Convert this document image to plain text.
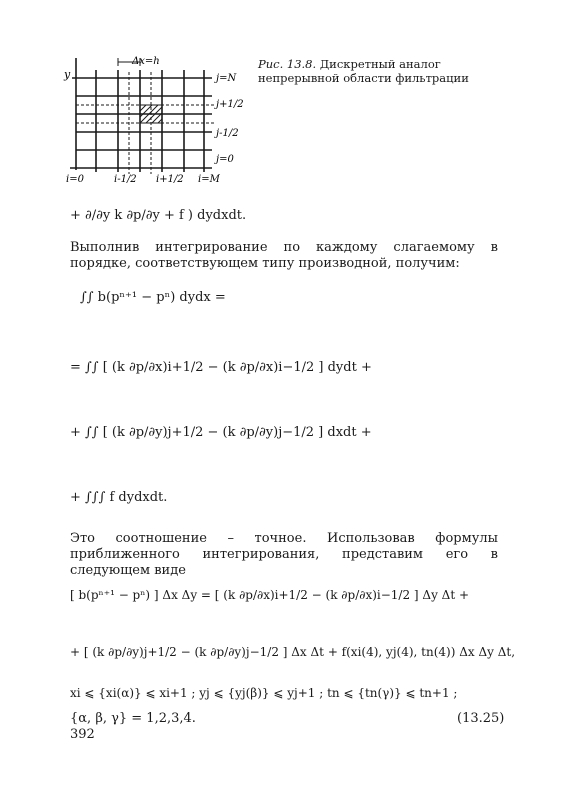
Δx=h
y	j=N
j+1/2
j-1/2
j=0
i=0	i-1/2 i+1/2 i=M
Рис. 13.8. Дискретный аналог непрерывной области фильтрации
+ ∂/∂y k ∂p/∂y + f ) dydxdt.
Выполнив интегрирование по каждому слагаемому в порядке, соответствующем типу производной, получим:
∫∫ b(pⁿ⁺¹ − pⁿ) dydx =
= ∫∫ [ (k ∂p/∂x)i+1/2 − (k ∂p/∂x)i−1/2 ] dydt +
+ ∫∫ [ (k ∂p/∂y)j+1/2 − (k ∂p/∂y)j−1/2 ] dxdt +
+ ∫∫∫ f dydxdt.
Это соотношение – точное. Использовав формулы приближенного интегрирования, представим его в следующем виде
[ b(pⁿ⁺¹ − pⁿ) ] Δx Δy = [ (k ∂p/∂x)i+1/2 − (k ∂p/∂x)i−1/2 ] Δy Δt +
+ [ (k ∂p/∂y)j+1/2 − (k ∂p/∂y)j−1/2 ] Δx Δt + f(xi(4), yj(4), tn(4)) Δx Δy Δt,
xi ⩽ {xi(α)} ⩽ xi+1 ; yj ⩽ {yj(β)} ⩽ yj+1 ; tn ⩽ {tn(γ)} ⩽ tn+1 ;
{α, β, γ} = 1,2,3,4.	(13.25)
392
